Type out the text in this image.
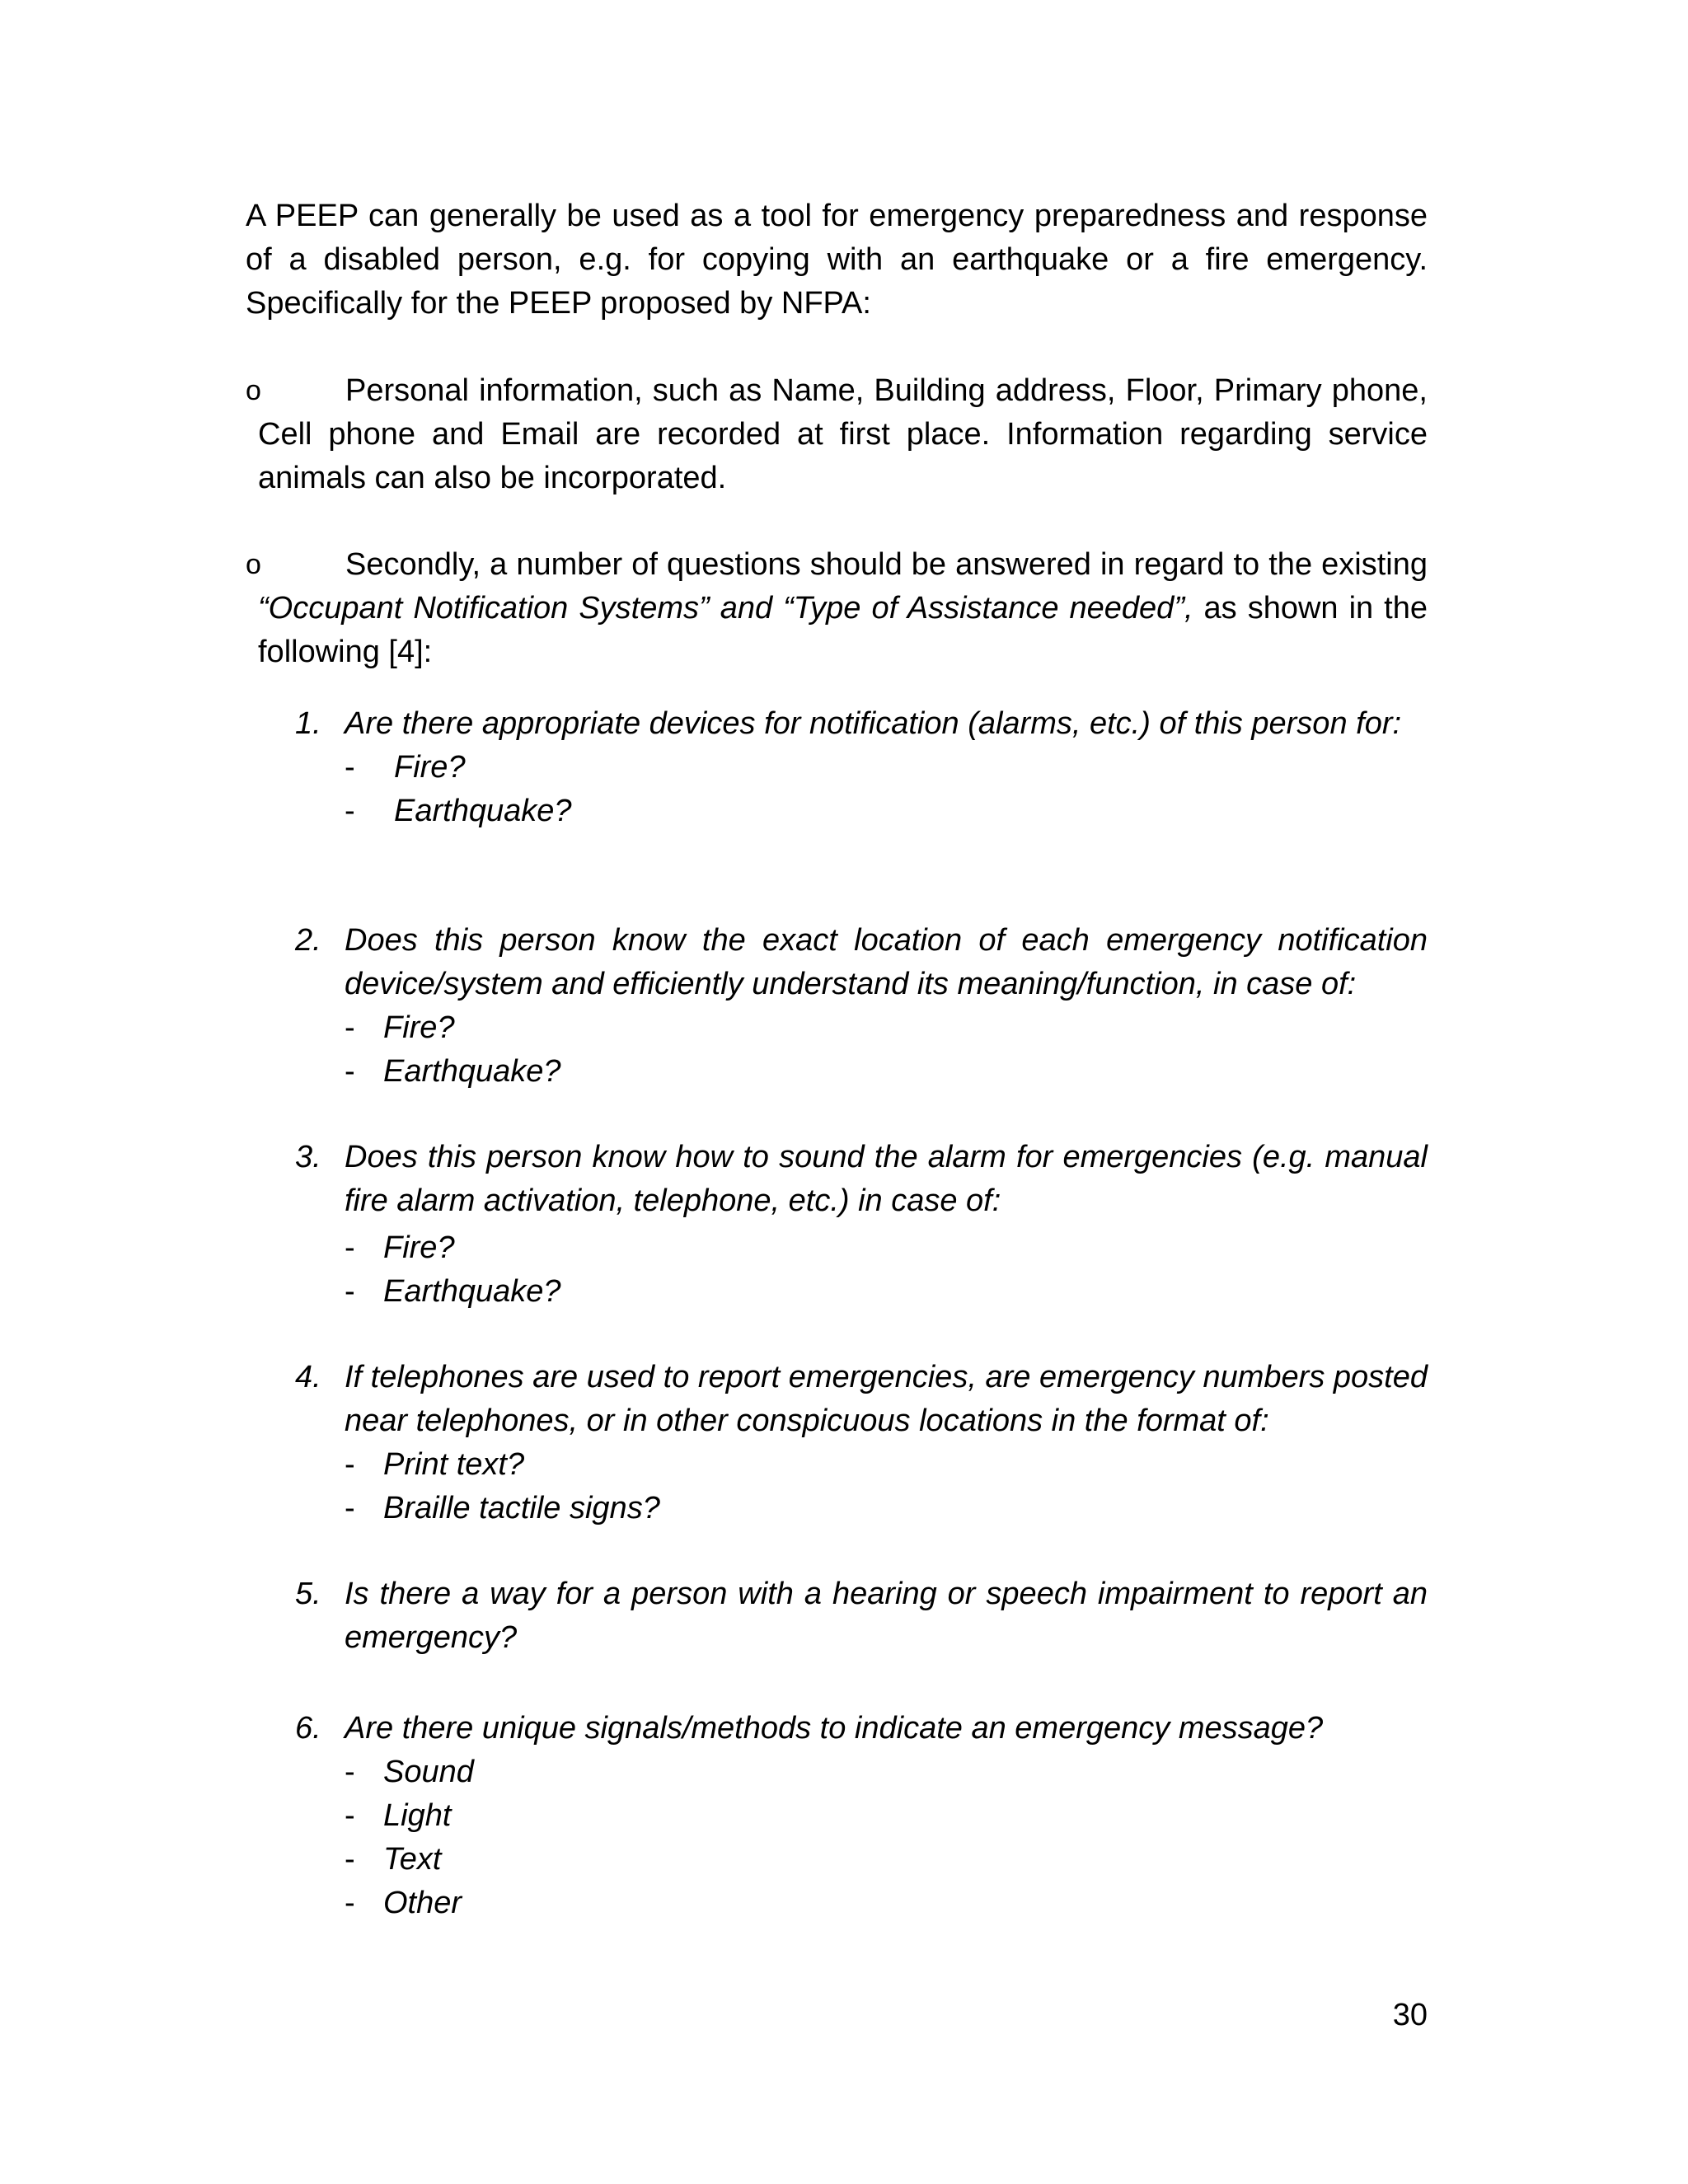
A PEEP can generally be used as a tool for emergency preparedness and response of a disabled person, e.g. for copying with an earthquake or a fire emergency. Specifically for the PEEP proposed by NFPA:

o	Personal information, such as Name, Building address, Floor, Primary phone, Cell phone and Email are recorded at first place. Information regarding service animals can also be incorporated.
o	Secondly, a number of questions should be answered in regard to the existing “Occupant Notification Systems” and “Type of Assistance needed”, as shown in the following [4]:
1. Are there appropriate devices for notification (alarms, etc.) of this person for:
- Fire?
- Earthquake?
2. Does this person know the exact location of each emergency notification device/system and efficiently understand its meaning/function, in case of:
- Fire?
- Earthquake?
3. Does this person know how to sound the alarm for emergencies (e.g. manual fire alarm activation, telephone, etc.) in case of:
- Fire?
- Earthquake?
4. If telephones are used to report emergencies, are emergency numbers posted near telephones, or in other conspicuous locations in the format of:
- Print text?
- Braille tactile signs?
5. Is there a way for a person with a hearing or speech impairment to report an emergency?
6. Are there unique signals/methods to indicate an emergency message?
- Sound
- Light
- Text
- Other
30
